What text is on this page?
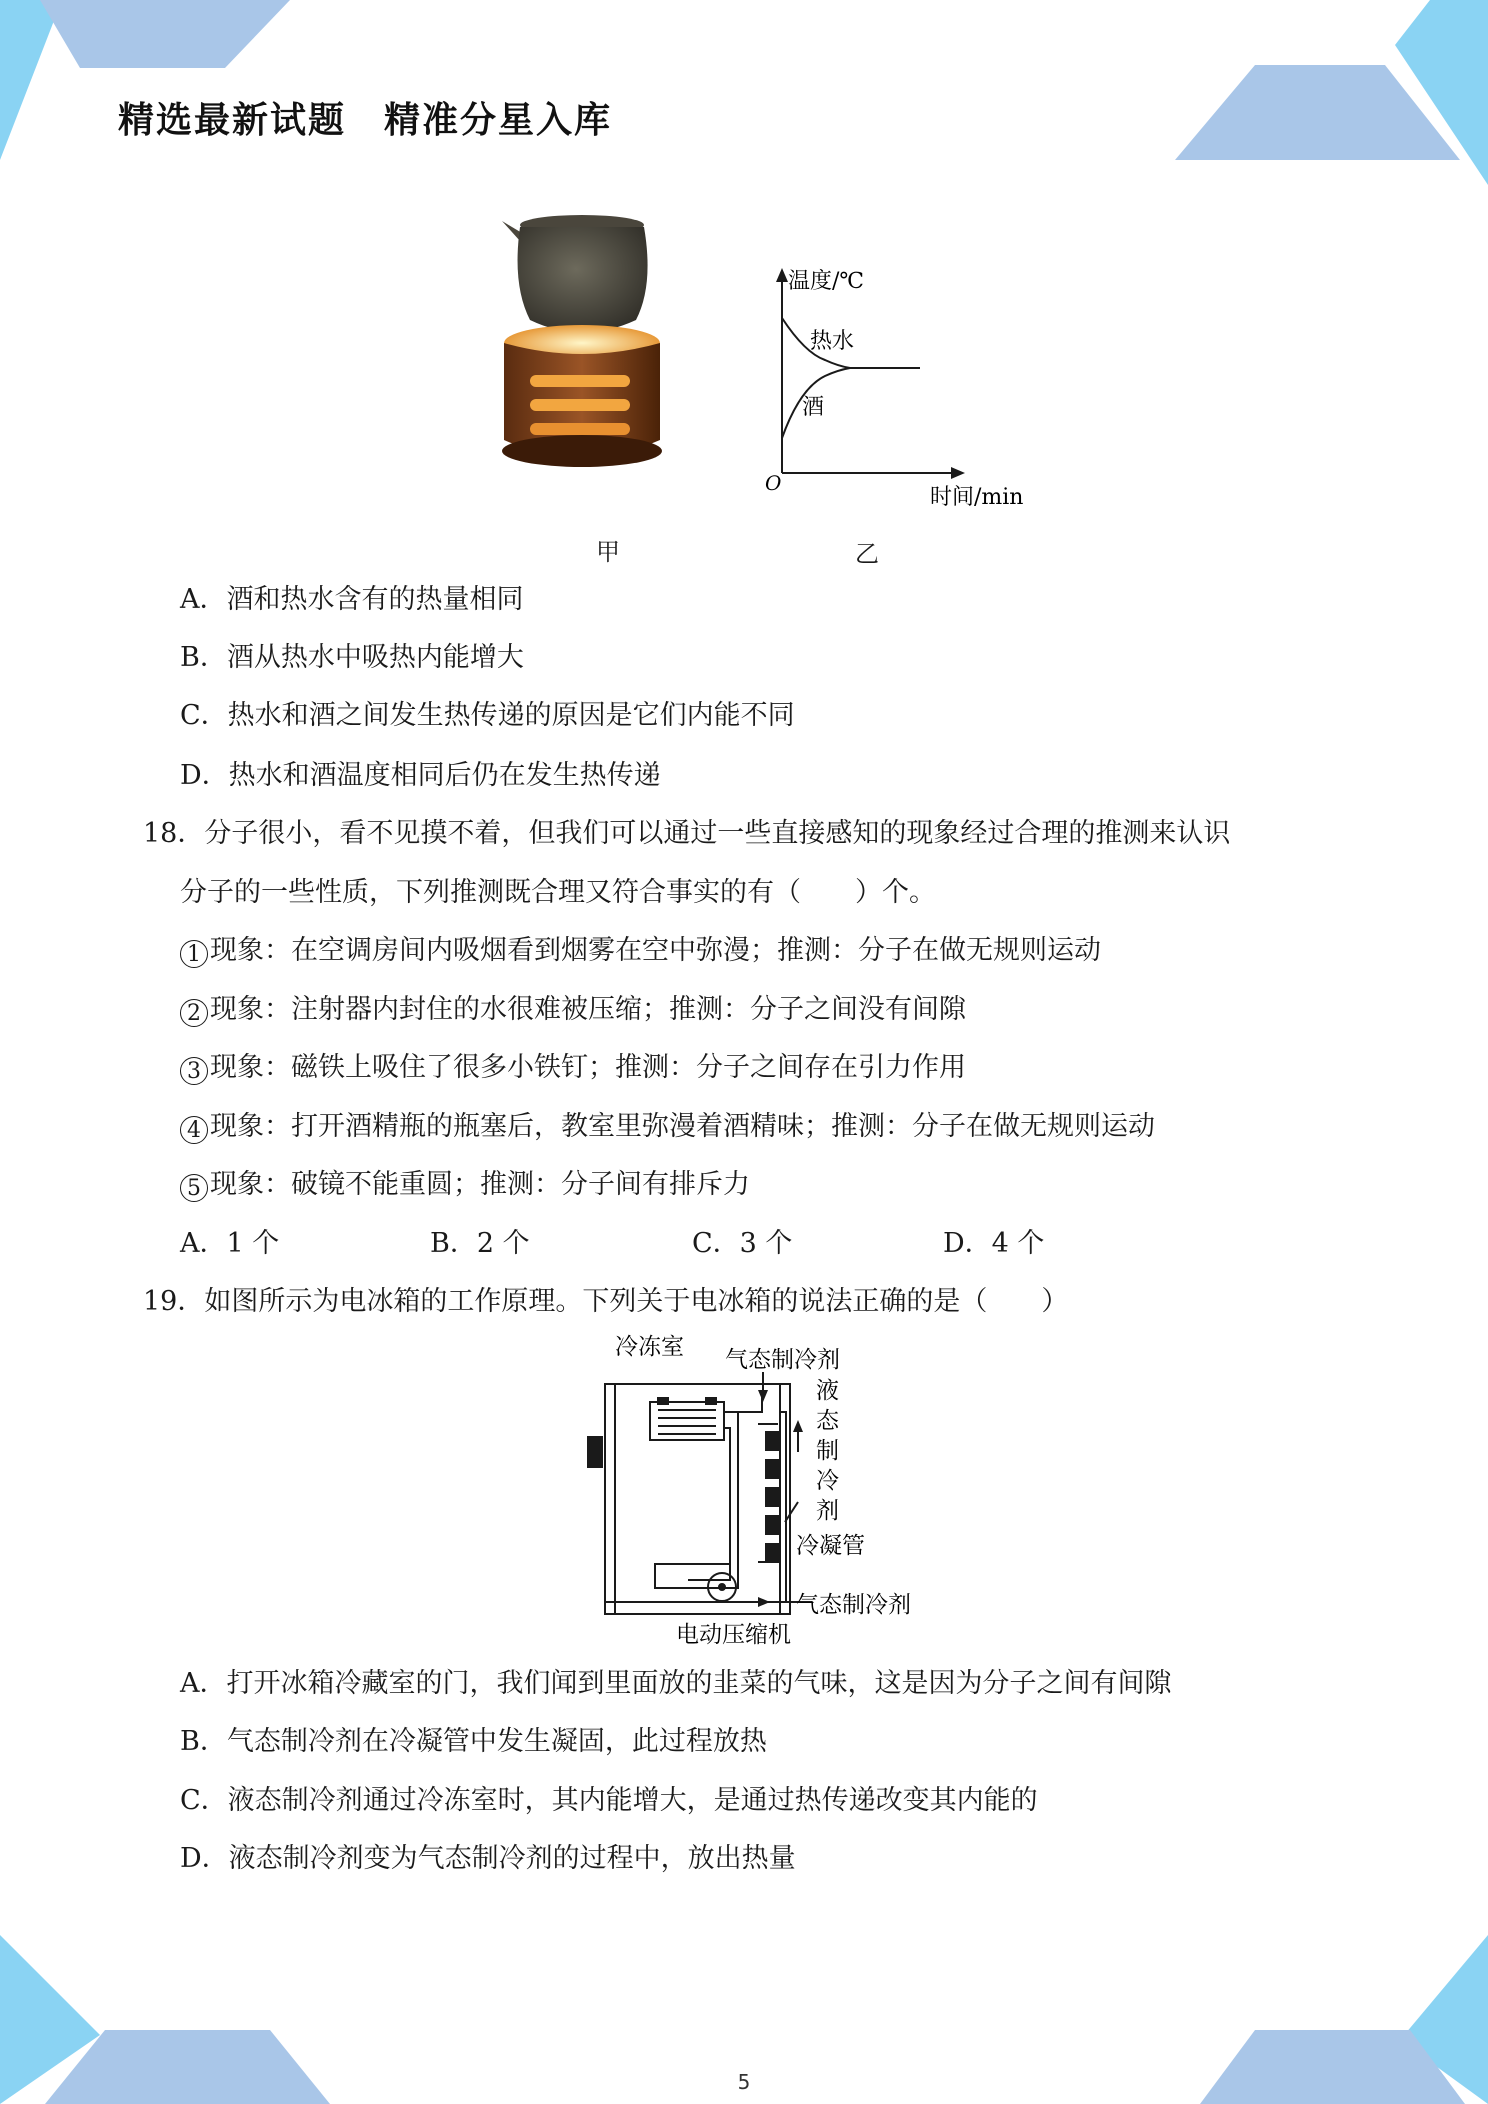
精选最新试题　精准分星入库
温度/℃
时间/min
O
热水
酒
甲	乙
A．酒和热水含有的热量相同
B．酒从热水中吸热内能增大
C．热水和酒之间发生热传递的原因是它们内能不同
D．热水和酒温度相同后仍在发生热传递
18．分子很小，看不见摸不着，但我们可以通过一些直接感知的现象经过合理的推测来认识
分子的一些性质，下列推测既合理又符合事实的有（　　）个。
1 现象：在空调房间内吸烟看到烟雾在空中弥漫；推测：分子在做无规则运动
2 现象：注射器内封住的水很难被压缩；推测：分子之间没有间隙
3 现象：磁铁上吸住了很多小铁钉；推测：分子之间存在引力作用
4 现象：打开酒精瓶的瓶塞后，教室里弥漫着酒精味；推测：分子在做无规则运动
5 现象：破镜不能重圆；推测：分子间有排斥力
A．1 个	B．2 个	C．3 个	D．4 个
19．如图所示为电冰箱的工作原理。下列关于电冰箱的说法正确的是（　　）
冷冻室 气态制冷剂
液
态
制
冷
剂
冷凝管
气态制冷剂
电动压缩机
A．打开冰箱冷藏室的门，我们闻到里面放的韭菜的气味，这是因为分子之间有间隙
B．气态制冷剂在冷凝管中发生凝固，此过程放热
C．液态制冷剂通过冷冻室时，其内能增大，是通过热传递改变其内能的
D．液态制冷剂变为气态制冷剂的过程中，放出热量
5
